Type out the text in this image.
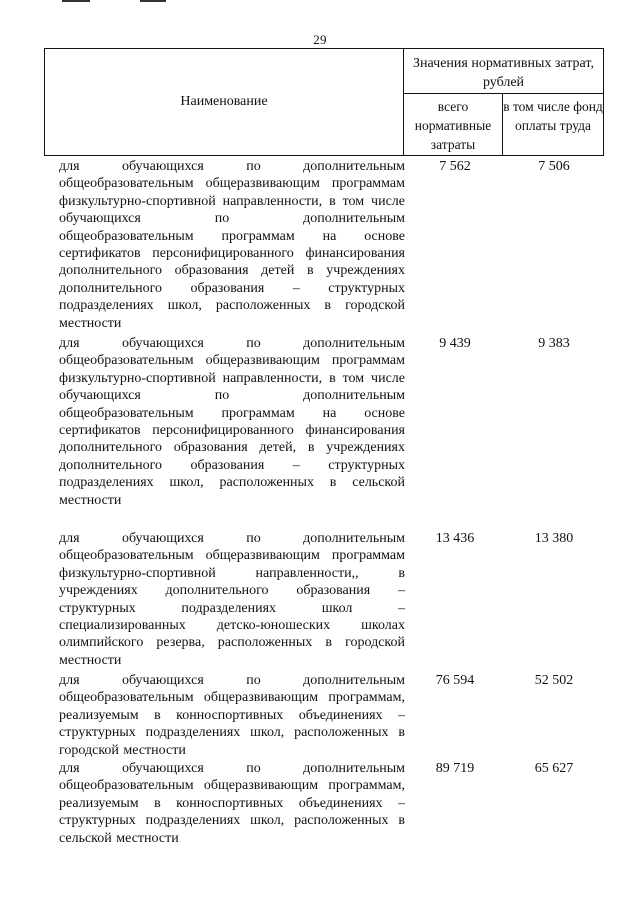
29
Наименование
Значения нормативных затрат, рублей
всего нормативные затраты
в том числе фонд оплаты труда
для обучающихся по дополнительным общеобразовательным общеразвивающим программам физкультурно-спортивной направленности, в том числе обучающихся по дополнительным общеобразовательным программам на основе сертификатов персонифицированного финансирования дополнительного образования детей в учреждениях дополнительного образования – структурных подразделениях школ, расположенных в городской местности
7 562	7 506
для обучающихся по дополнительным общеобразовательным общеразвивающим программам физкультурно-спортивной направленности, в том числе обучающихся по дополнительным общеобразовательным программам на основе сертификатов персонифицированного финансирования дополнительного образования детей, в учреждениях дополнительного образования – структурных подразделениях школ, расположенных в сельской местности
9 439	9 383
для обучающихся по дополнительным общеобразовательным общеразвивающим программам физкультурно-спортивной направленности,, в учреждениях дополнительного образования – структурных подразделениях школ – специализированных детско-юношеских школах олимпийского резерва, расположенных в городской местности
13 436	13 380
для обучающихся по дополнительным общеобразовательным общеразвивающим программам, реализуемым в конноспортивных объединениях – структурных подразделениях школ, расположенных в городской местности
76 594	52 502
для обучающихся по дополнительным общеобразовательным общеразвивающим программам, реализуемым в конноспортивных объединениях – структурных подразделениях школ, расположенных в сельской местности
89 719	65 627
